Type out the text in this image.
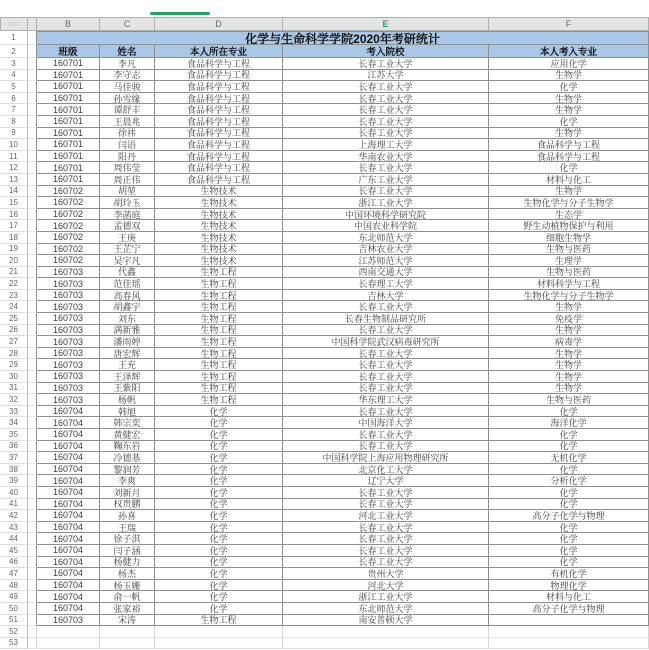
xlsx	B	C	D	E	F
1	化学与生命科学学院2020年考研统计
2	班级	姓名	本人所在专业	考入院校	本人考入专业
3	160701	李凡	食品科学与工程	长春工业大学	应用化学
4	160701	李守志	食品科学与工程	江苏大学	生物学
5	160701	马佳骏	食品科学与工程	长春工业大学	化学
6	160701	孙雪缘	食品科学与工程	长春工业大学	生物学
7	160701	谭舒丰	食品科学与工程	长春工业大学	生物学
8	160701	王晨兆	食品科学与工程	长春工业大学	化学
9	160701	徐祎	食品科学与工程	长春工业大学	生物学
10	160701	闫语	食品科学与工程	上海理工大学	食品科学与工程
11	160701	阳丹	食品科学与工程	华南农业大学	食品科学与工程
12	160701	周伟莹	食品科学与工程	长春工业大学	化学
13	160701	周正伟	食品科学与工程	广东工业大学	材料与化工
14	160702	胡堃	生物技术	长春工业大学	生物学
15	160702	胡玲玉	生物技术	浙江工业大学	生物化学与分子生物学
16	160702	李菡庭	生物技术	中国环境科学研究院	生态学
17	160702	孟德双	生物技术	中国农业科学院	野生动植物保护与利用
18	160702	王庚	生物技术	东北师范大学	细胞生物学
19	160702	王芷宁	生物技术	吉林农业大学	生物与医药
20	160702	吴宇凡	生物技术	江苏师范大学	生理学
21	160703	代鑫	生物工程	西南交通大学	生物与医药
22	160703	范佳瑶	生物工程	长春理工大学	材料科学与工程
23	160703	高春风	生物工程	吉林大学	生物化学与分子生物学
24	160703	胡鑫宇	生物工程	长春工业大学	生物学
25	160703	刘东	生物工程	长春生物制品研究所	免疫学
26	160703	满新雅	生物工程	长春工业大学	生物学
27	160703	潘雨婷	生物工程	中国科学院武汉病毒研究所	病毒学
28	160703	唐宏辉	生物工程	长春工业大学	生物学
29	160703	王充	生物工程	长春工业大学	生物学
30	160703	王泽辉	生物工程	长春工业大学	生物学
31	160703	王紫阳	生物工程	长春工业大学	生物学
32	160703	杨帆	生物工程	华东理工大学	生物与医药
33	160704	韩旭	化学	长春工业大学	化学
34	160704	韩宗奕	化学	中国海洋大学	海洋化学
35	160704	黄健宏	化学	长春工业大学	化学
36	160704	鞠东岩	化学	长春工业大学	化学
37	160704	冷德基	化学	中国科学院上海应用物理研究所	无机化学
38	160704	黎润芳	化学	北京化工大学	化学
39	160704	李爽	化学	辽宁大学	分析化学
40	160704	刘新月	化学	长春工业大学	化学
41	160704	权贵鹏	化学	长春工业大学	化学
42	160704	孙喜	化学	河北工业大学	高分子化学与物理
43	160704	王瑞	化学	长春工业大学	化学
44	160704	徐子淇	化学	长春工业大学	化学
45	160704	闫子涵	化学	长春工业大学	化学
46	160704	杨健力	化学	长春工业大学	化学
47	160704	杨杰	化学	贵州大学	有机化学
48	160704	杨玉姗	化学	河北大学	物理化学
49	160704	俞一帆	化学	浙江工业大学	材料与化工
50	160704	张家裕	化学	东北师范大学	高分子化学与物理
51	160703	宋涛	生物工程	南安普顿大学
52
53
